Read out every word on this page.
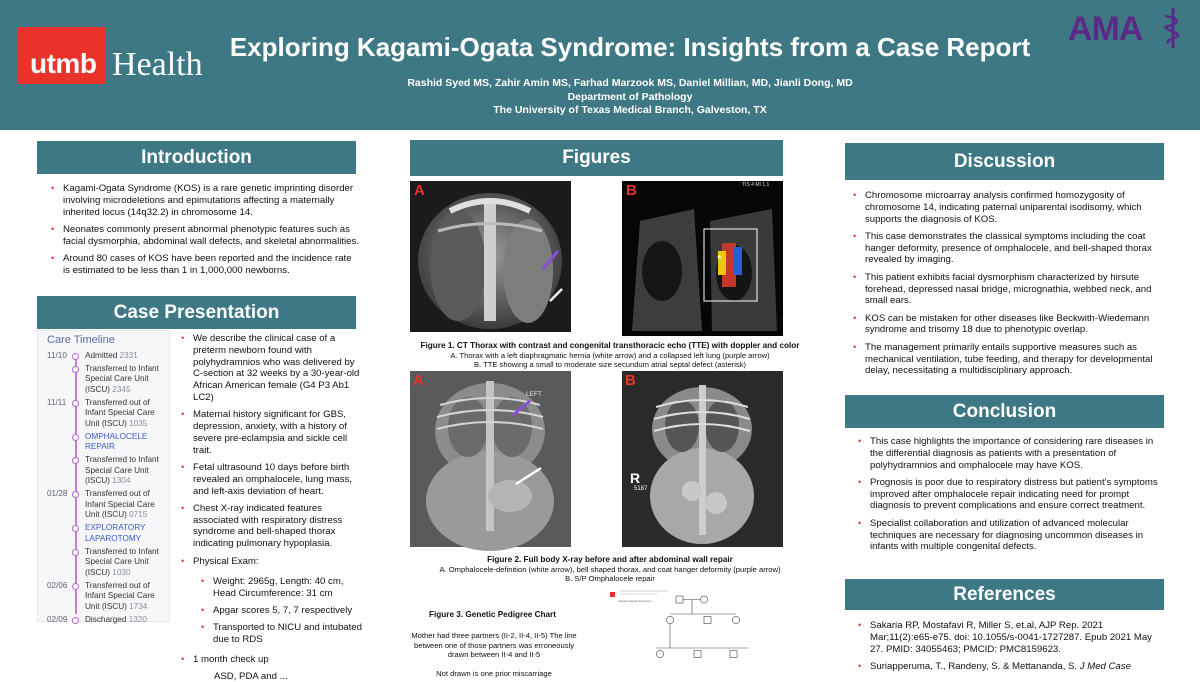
utmb Health	Exploring Kagami-Ogata Syndrome: Insights from a Case Report
Rashid Syed MS, Zahir Amin MS, Farhad Marzook MS, Daniel Millian, MD, Jianli Dong, MD
Department of Pathology
The University of Texas Medical Branch, Galveston, TX
AMA
Introduction
• Kagami-Ogata Syndrome (KOS) is a rare genetic imprinting disorder involving microdeletions and epimutations affecting a maternally inherited locus (14q32.2) in chromosome 14.
• Neonates commonly present abnormal phenotypic features such as facial dysmorphia, abdominal wall defects, and skeletal abnormalities.
• Around 80 cases of KOS have been reported and the incidence rate is estimated to be less than 1 in 1,000,000 newborns.
Case Presentation
Care Timeline
11/10	Admitted 2331
Transferred to Infant Special Care Unit (ISCU) 2345
11/11	Transferred out of Infant Special Care Unit (ISCU) 1035
OMPHALOCELE REPAIR
Transferred to Infant Special Care Unit (ISCU) 1304
01/28	Transferred out of Infant Special Care Unit (ISCU) 0715
EXPLORATORY LAPAROTOMY
Transferred to Infant Special Care Unit (ISCU) 1030
02/06	Transferred out of Infant Special Care Unit (ISCU) 1734
02/09	Discharged 1320
• We describe the clinical case of a preterm newborn found with polyhydramnios who was delivered by C-section at 32 weeks by a 30-year-old African American female (G4 P3 Ab1 LC2)
• Maternal history significant for GBS, depression, anxiety, with a history of severe pre-eclampsia and sickle cell trait.
• Fetal ultrasound 10 days before birth revealed an omphalocele, lung mass, and left-axis deviation of heart.
• Chest X-ray indicated features associated with respiratory distress syndrome and bell-shaped thorax indicating pulmonary hypoplasia.
• Physical Exam:
• Weight: 2965g, Length: 40 cm, Head Circumference: 31 cm
• Apgar scores 5, 7, 7 respectively
• Transported to NICU and intubated due to RDS
• 1 month check up
ASD, PDA and ...
Figures
A
*
B	TIS 4 MI 1.1
Figure 1. CT Thorax with contrast and congenital transthoracic echo (TTE) with doppler and color
A. Thorax with a left diaphragmatic hernia (white arrow) and a collapsed left lung (purple arrow)
B. TTE showing a small to moderate size secundum atrial septal defect (asterisk)
A
LEFT
B
R
5187
Figure 2. Full body X-ray before and after abdominal wall repair
A. Omphalocele-definition (white arrow), bell shaped thorax, and coat hanger deformity (purple arrow)
B. S/P Omphalocele repair
Figure 3. Genetic Pedigree Chart
Mother had three partners (II-2, II-4, II-5) The line between one of those partners was erroneously drawn between II-4 and II-5

Not drawn is one prior miscarriage
Kagami-Ogata Syndrome
Discussion
• Chromosome microarray analysis confirmed homozygosity of chromosome 14, indicating paternal uniparental isodisomy, which supports the diagnosis of KOS.
• This case demonstrates the classical symptoms including the coat hanger deformity, presence of omphalocele, and bell-shaped thorax revealed by imaging.
• This patient exhibits facial dysmorphism characterized by hirsute forehead, depressed nasal bridge, micrognathia, webbed neck, and small ears.
• KOS can be mistaken for other diseases like Beckwith-Wiedemann syndrome and trisomy 18 due to phenotypic overlap.
• The management primarily entails supportive measures such as mechanical ventilation, tube feeding, and therapy for developmental delay, necessitating a multidisciplinary approach.
Conclusion
• This case highlights the importance of considering rare diseases in the differential diagnosis as patients with a presentation of polyhydramnios and omphalocele may have KOS.
• Prognosis is poor due to respiratory distress but patient's symptoms improved after omphalocele repair indicating need for prompt diagnosis to prevent complications and ensure correct treatment.
• Specialist collaboration and utilization of advanced molecular techniques are necessary for diagnosing uncommon diseases in infants with multiple congenital defects.
References
• Sakaria RP, Mostafavi R, Miller S, et.al, AJP Rep. 2021 Mar;11(2):e65-e75. doi: 10.1055/s-0041-1727287. Epub 2021 May 27. PMID: 34055463; PMCID: PMC8159623.
• Suriapperuma, T., Randeny, S. & Mettananda, S. J Med Case
